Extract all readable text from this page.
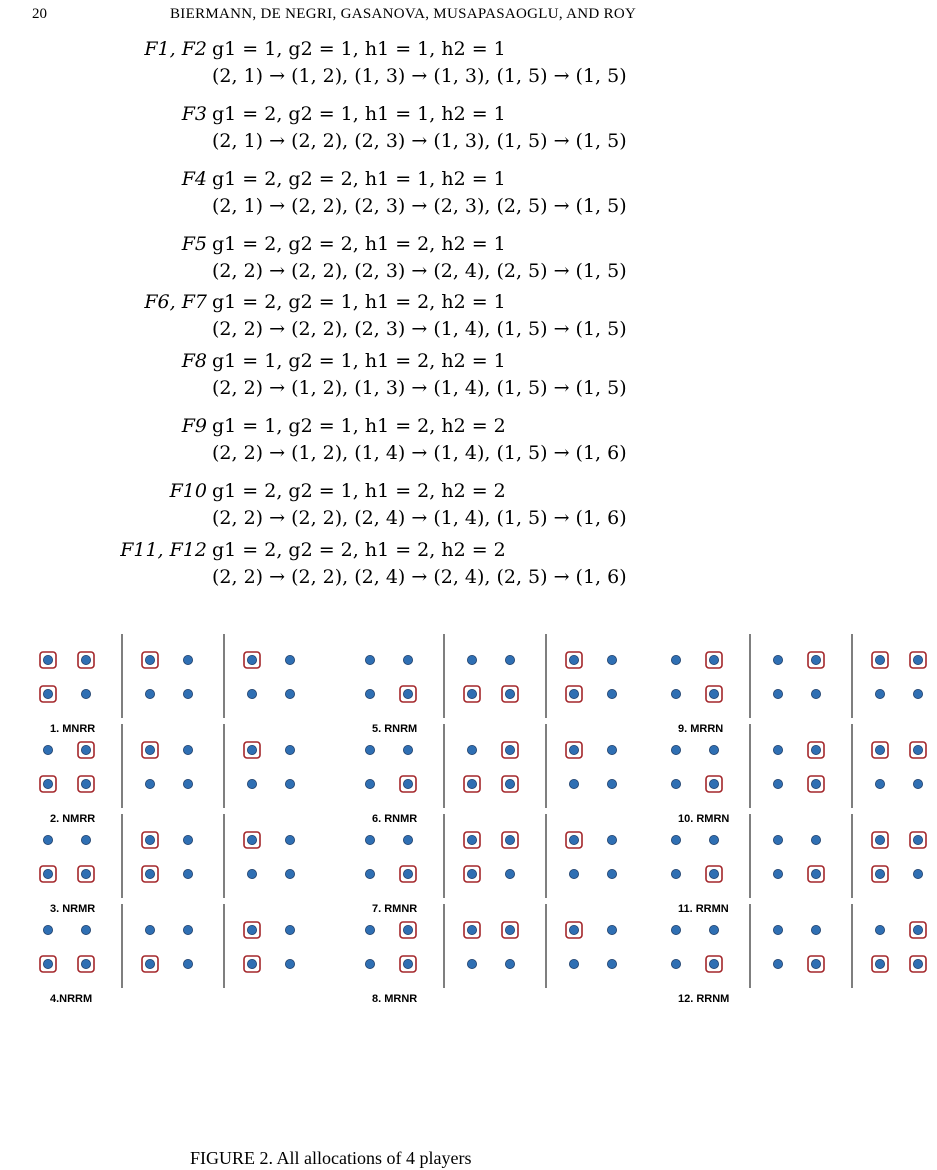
20	BIERMANN, DE NEGRI, GASANOVA, MUSAPASAOGLU, AND ROY
F1, F2 g1 = 1, g2 = 1, h1 = 1, h2 = 1
(2, 1) → (1, 2), (1, 3) → (1, 3), (1, 5) → (1, 5)
F3 g1 = 2, g2 = 1, h1 = 1, h2 = 1
(2, 1) → (2, 2), (2, 3) → (1, 3), (1, 5) → (1, 5)
F4 g1 = 2, g2 = 2, h1 = 1, h2 = 1
(2, 1) → (2, 2), (2, 3) → (2, 3), (2, 5) → (1, 5)
F5 g1 = 2, g2 = 2, h1 = 2, h2 = 1
(2, 2) → (2, 2), (2, 3) → (2, 4), (2, 5) → (1, 5)
F6, F7 g1 = 2, g2 = 1, h1 = 2, h2 = 1
(2, 2) → (2, 2), (2, 3) → (1, 4), (1, 5) → (1, 5)
F8 g1 = 1, g2 = 1, h1 = 2, h2 = 1
(2, 2) → (1, 2), (1, 3) → (1, 4), (1, 5) → (1, 5)
F9 g1 = 1, g2 = 1, h1 = 2, h2 = 2
(2, 2) → (1, 2), (1, 4) → (1, 4), (1, 5) → (1, 6)
F10 g1 = 2, g2 = 1, h1 = 2, h2 = 2
(2, 2) → (2, 2), (2, 4) → (1, 4), (1, 5) → (1, 6)
F11, F12 g1 = 2, g2 = 2, h1 = 2, h2 = 2
(2, 2) → (2, 2), (2, 4) → (2, 4), (2, 5) → (1, 6)
1. MNRR
2. NMRR
3. NRMR
4.NRRM
5. RNRM
6. RNMR
7. RMNR
8. MRNR
9. MRRN
10. RMRN
11. RRMN
12. RRNM
FIGURE 2. All allocations of 4 players
